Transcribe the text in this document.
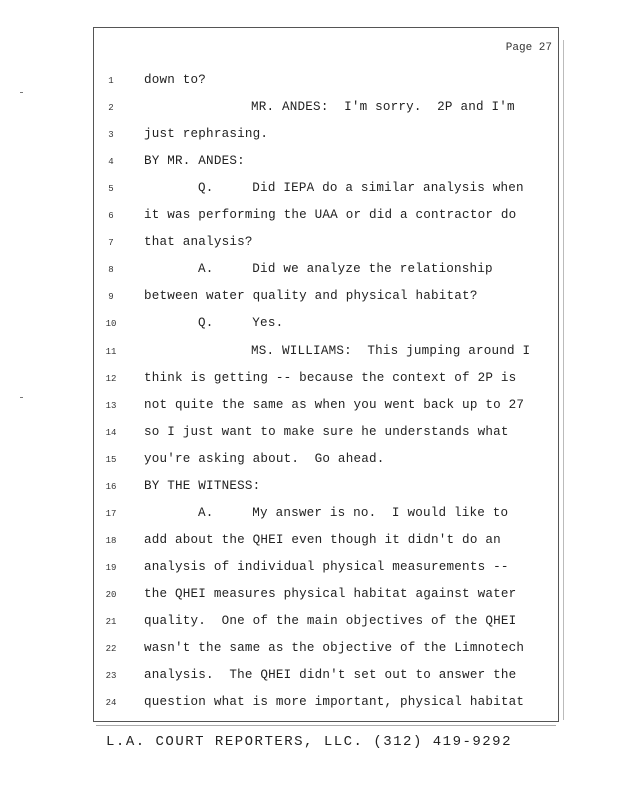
Page 27
1	down to?
2	MR. ANDES:  I'm sorry.  2P and I'm
3	just rephrasing.
4	BY MR. ANDES:
5	Q.     Did IEPA do a similar analysis when
6	it was performing the UAA or did a contractor do
7	that analysis?
8	A.     Did we analyze the relationship
9	between water quality and physical habitat?
10	Q.     Yes.
11	MS. WILLIAMS:  This jumping around I
12 think is getting -- because the context of 2P is
13 not quite the same as when you went back up to 27
14 so I just want to make sure he understands what
15 you're asking about.  Go ahead.
16 BY THE WITNESS:
17	A.     My answer is no.  I would like to
18 add about the QHEI even though it didn't do an
19 analysis of individual physical measurements --
20 the QHEI measures physical habitat against water
21 quality.  One of the main objectives of the QHEI
22 wasn't the same as the objective of the Limnotech
23 analysis.  The QHEI didn't set out to answer the
24 question what is more important, physical habitat
L.A. COURT REPORTERS, LLC. (312) 419-9292
